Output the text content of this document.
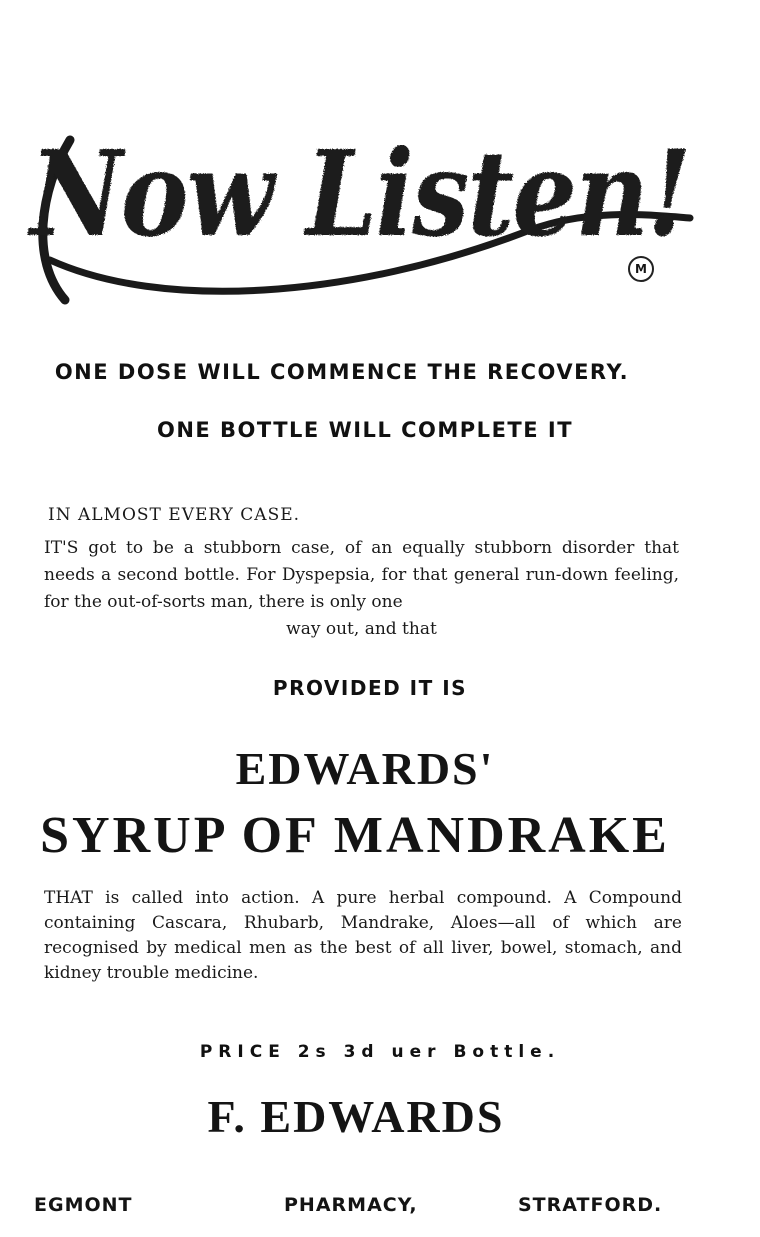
Now Listen!
M
ONE DOSE WILL COMMENCE THE RECOVERY.
ONE BOTTLE WILL COMPLETE IT
IN ALMOST EVERY CASE.
IT'S got to be a stubborn case, of an equally stubborn disorder that needs a second bottle. For Dyspepsia, for that general run-down feeling, for the out-of-sorts man, there is only one
way out, and that
PROVIDED IT IS
EDWARDS'
SYRUP OF MANDRAKE
THAT is called into action. A pure herbal compound. A Compound containing Cascara, Rhubarb, Mandrake, Aloes—all of which are recognised by medical men as the best of all liver, bowel, stomach, and kidney trouble medicine.
PRICE 2s 3d uer Bottle.
F. EDWARDS
EGMONT	PHARMACY,	STRATFORD.
